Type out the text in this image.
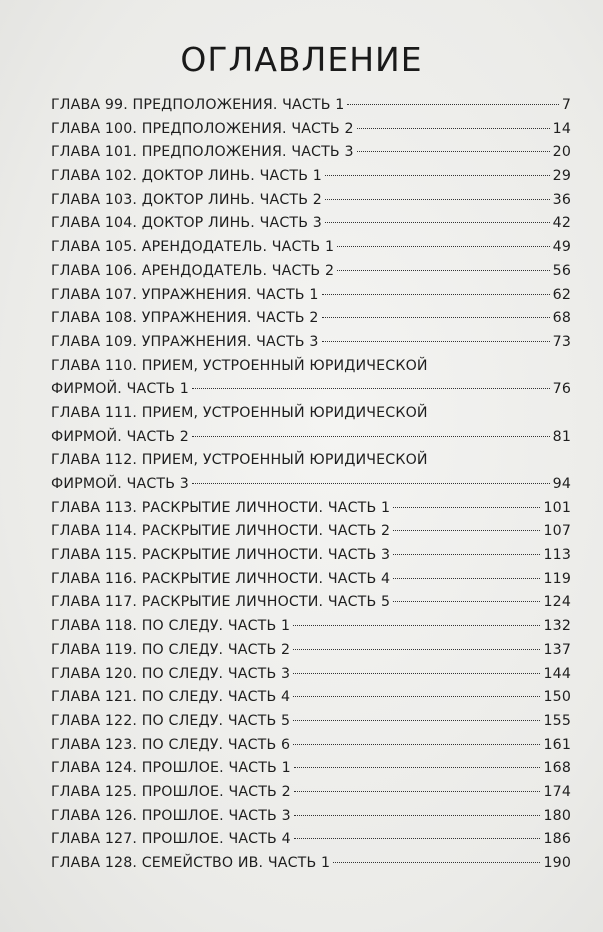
ОГЛАВЛЕНИЕ
ГЛАВА 99. ПРЕДПОЛОЖЕНИЯ. ЧАСТЬ 1	7
ГЛАВА 100. ПРЕДПОЛОЖЕНИЯ. ЧАСТЬ 2	14
ГЛАВА 101. ПРЕДПОЛОЖЕНИЯ. ЧАСТЬ 3	20
ГЛАВА 102. ДОКТОР ЛИНЬ. ЧАСТЬ 1	29
ГЛАВА 103. ДОКТОР ЛИНЬ. ЧАСТЬ 2	36
ГЛАВА 104. ДОКТОР ЛИНЬ. ЧАСТЬ 3	42
ГЛАВА 105. АРЕНДОДАТЕЛЬ. ЧАСТЬ 1	49
ГЛАВА 106. АРЕНДОДАТЕЛЬ. ЧАСТЬ 2	56
ГЛАВА 107. УПРАЖНЕНИЯ. ЧАСТЬ 1	62
ГЛАВА 108. УПРАЖНЕНИЯ. ЧАСТЬ 2	68
ГЛАВА 109. УПРАЖНЕНИЯ. ЧАСТЬ 3	73
ГЛАВА 110. ПРИЕМ, УСТРОЕННЫЙ ЮРИДИЧЕСКОЙ
ФИРМОЙ. ЧАСТЬ 1	76
ГЛАВА 111. ПРИЕМ, УСТРОЕННЫЙ ЮРИДИЧЕСКОЙ
ФИРМОЙ. ЧАСТЬ 2	81
ГЛАВА 112. ПРИЕМ, УСТРОЕННЫЙ ЮРИДИЧЕСКОЙ
ФИРМОЙ. ЧАСТЬ 3	94
ГЛАВА 113. РАСКРЫТИЕ ЛИЧНОСТИ. ЧАСТЬ 1	101
ГЛАВА 114. РАСКРЫТИЕ ЛИЧНОСТИ. ЧАСТЬ 2	107
ГЛАВА 115. РАСКРЫТИЕ ЛИЧНОСТИ. ЧАСТЬ 3	113
ГЛАВА 116. РАСКРЫТИЕ ЛИЧНОСТИ. ЧАСТЬ 4	119
ГЛАВА 117. РАСКРЫТИЕ ЛИЧНОСТИ. ЧАСТЬ 5	124
ГЛАВА 118. ПО СЛЕДУ. ЧАСТЬ 1	132
ГЛАВА 119. ПО СЛЕДУ. ЧАСТЬ 2	137
ГЛАВА 120. ПО СЛЕДУ. ЧАСТЬ 3	144
ГЛАВА 121. ПО СЛЕДУ. ЧАСТЬ 4	150
ГЛАВА 122. ПО СЛЕДУ. ЧАСТЬ 5	155
ГЛАВА 123. ПО СЛЕДУ. ЧАСТЬ 6	161
ГЛАВА 124. ПРОШЛОЕ. ЧАСТЬ 1	168
ГЛАВА 125. ПРОШЛОЕ. ЧАСТЬ 2	174
ГЛАВА 126. ПРОШЛОЕ. ЧАСТЬ 3	180
ГЛАВА 127. ПРОШЛОЕ. ЧАСТЬ 4	186
ГЛАВА 128. СЕМЕЙСТВО ИВ. ЧАСТЬ 1	190
